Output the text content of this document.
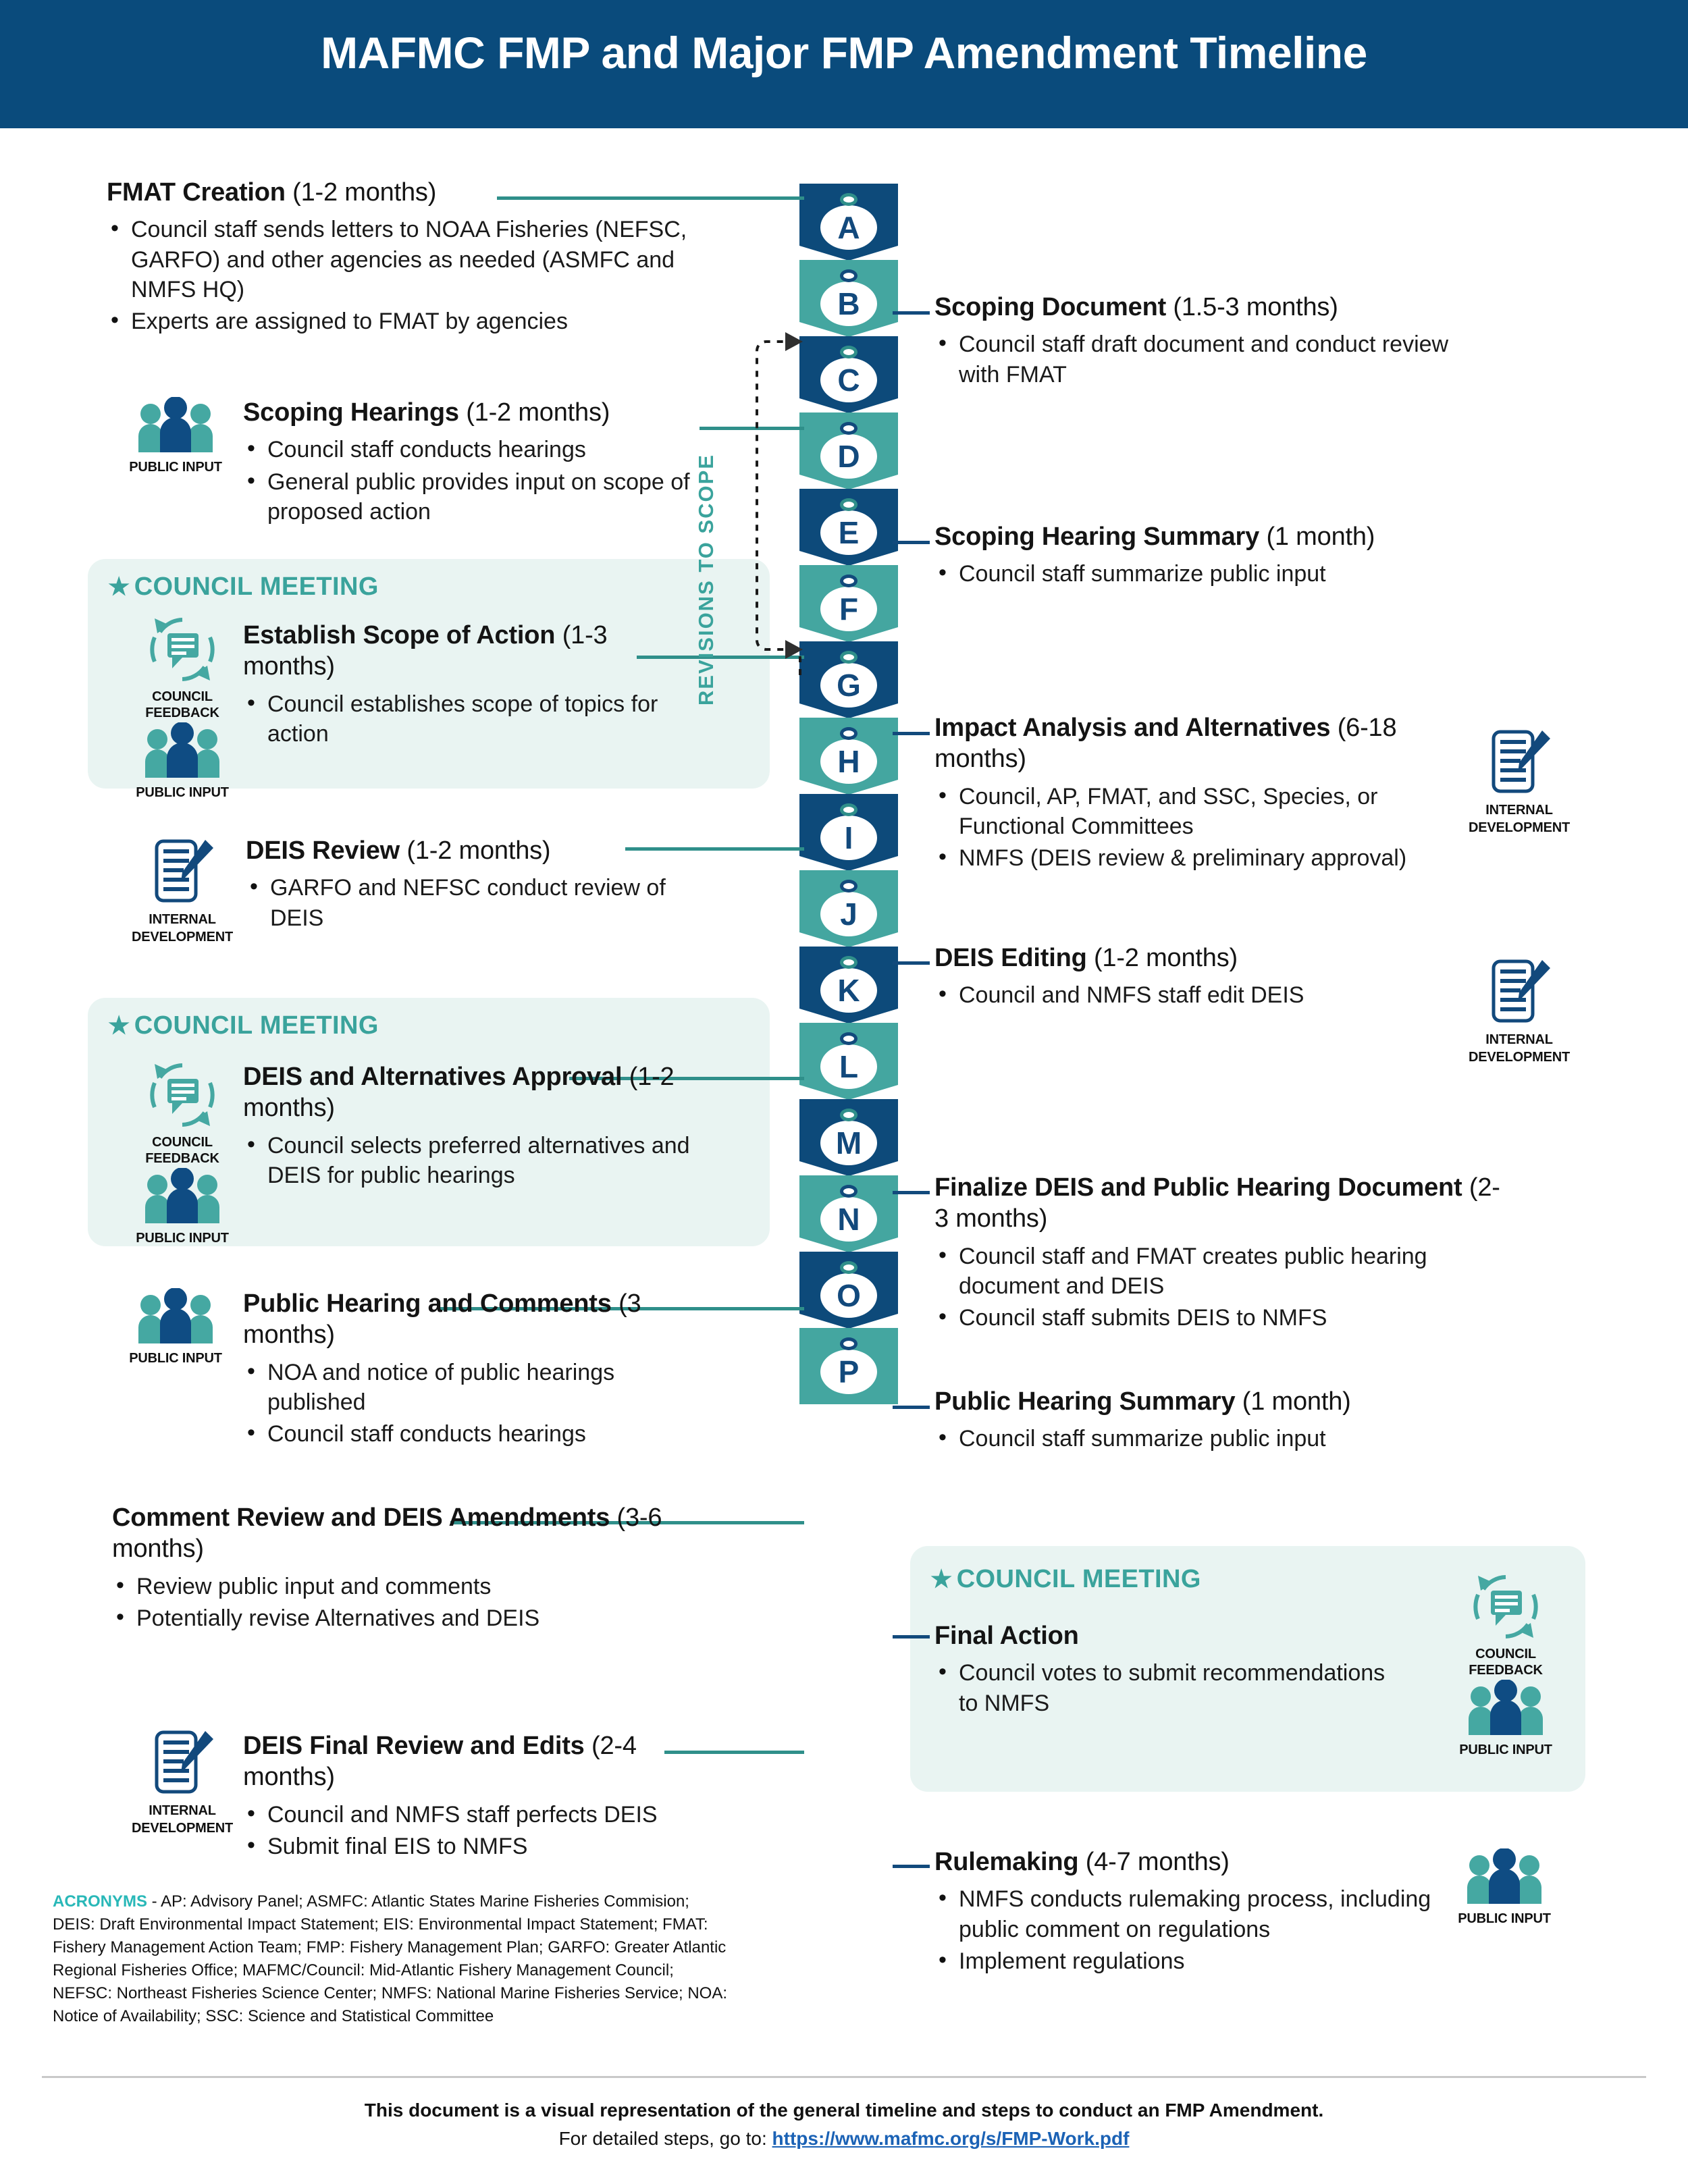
MAFMC FMP and Major FMP Amendment Timeline
A
B
C
D
E
F
G
H
I
J
K
L
M
N
O
P
REVISIONS TO SCOPE
FMAT Creation (1-2 months)
• Council staff sends letters to NOAA Fisheries (NEFSC, GARFO) and other agencies as needed (ASMFC and NMFS HQ)
• Experts are assigned to FMAT by agencies	Scoping Document (1.5-3 months)
• Council staff draft document and conduct review with FMAT
PUBLIC INPUT
Scoping Hearings (1-2 months)
• Council staff conducts hearings
• General public provides input on scope of proposed action
Scoping Hearing Summary (1 month)
• Council staff summarize public input
★ COUNCIL MEETING
COUNCIL FEEDBACK
PUBLIC INPUT
Establish Scope of Action (1-3 months)
• Council establishes scope of topics for action	Impact Analysis and Alternatives (6-18 months)
• Council, AP, FMAT, and SSC, Species, or Functional Committees
• NMFS (DEIS review & preliminary approval)
INTERNAL
DEVELOPMENT
INTERNAL
DEVELOPMENT
DEIS Review (1-2 months)
• GARFO and NEFSC conduct review of DEIS
DEIS Editing (1-2 months)
• Council and NMFS staff edit DEIS
INTERNAL
DEVELOPMENT
★ COUNCIL MEETING
COUNCIL FEEDBACK
PUBLIC INPUT
DEIS and Alternatives Approval (1-2 months)
• Council selects preferred alternatives and DEIS for public hearings	Finalize DEIS and Public Hearing Document (2-3 months)
• Council staff and FMAT creates public hearing document and DEIS
• Council staff submits DEIS to NMFS
PUBLIC INPUT
Public Hearing and Comments (3 months)
• NOA and notice of public hearings published
• Council staff conducts hearings
Public Hearing Summary (1 month)
• Council staff summarize public input
Comment Review and DEIS Amendments (3-6 months)
• Review public input and comments
• Potentially revise Alternatives and DEIS
★ COUNCIL MEETING
Final Action
• Council votes to submit recommendations to NMFS
COUNCIL FEEDBACK
PUBLIC INPUT
INTERNAL
DEVELOPMENT
DEIS Final Review and Edits (2-4 months)
• Council and NMFS staff perfects DEIS
• Submit final EIS to NMFS
Rulemaking (4-7 months)
• NMFS conducts rulemaking process, including public comment on regulations
• Implement regulations
PUBLIC INPUT
ACRONYMS - AP: Advisory Panel; ASMFC: Atlantic States Marine Fisheries Commision; DEIS: Draft Environmental Impact Statement; EIS: Environmental Impact Statement; FMAT: Fishery Management Action Team; FMP: Fishery Management Plan; GARFO: Greater Atlantic Regional Fisheries Office; MAFMC/Council: Mid-Atlantic Fishery Management Council; NEFSC: Northeast Fisheries Science Center; NMFS: National Marine Fisheries Service; NOA: Notice of Availability; SSC: Science and Statistical Committee
This document is a visual representation of the general timeline and steps to conduct an FMP Amendment.
For detailed steps, go to: https://www.mafmc.org/s/FMP-Work.pdf
